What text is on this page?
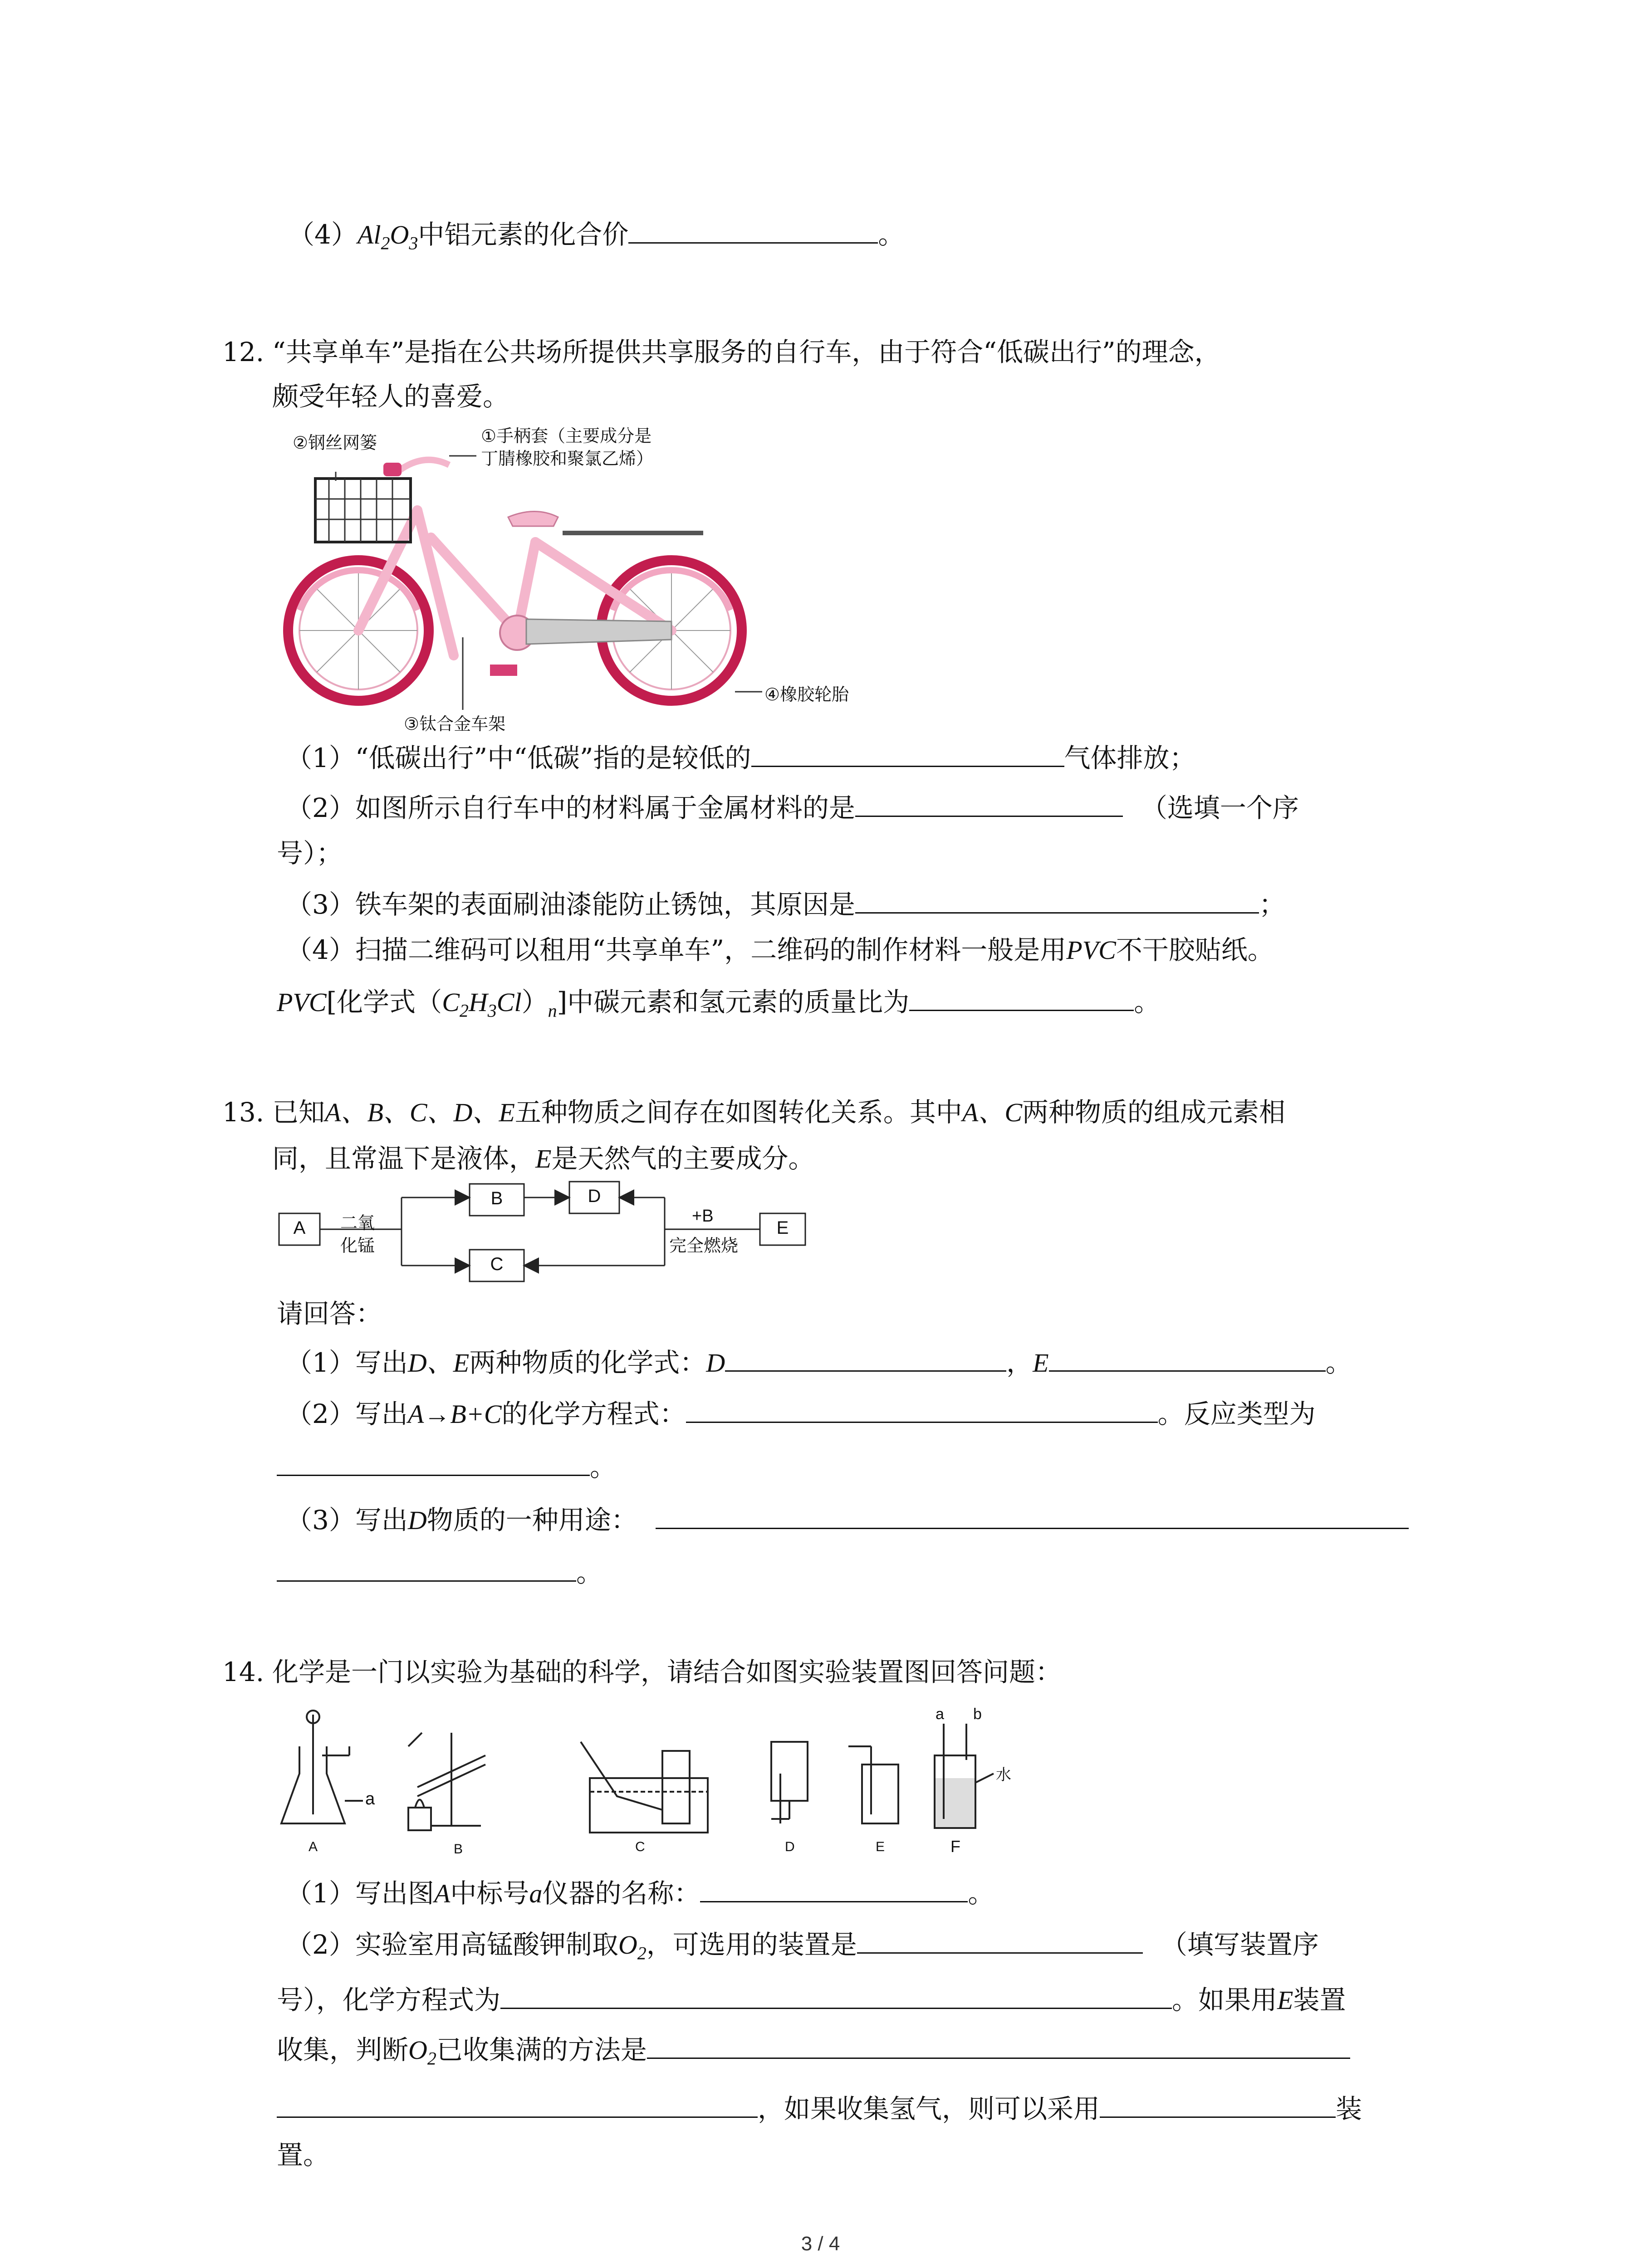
$(4)Al_2O_3$中铝元素的化合价	。
12. “共享单车”是指在公共场所提供共享服务的自行车，由于符合“低碳出行”的理念，
颇受年轻人的喜爱。
②钢丝网篓	①手柄套（主要成分是
丁腈橡胶和聚氯乙烯）
③钛合金车架
④橡胶轮胎
（1）“低碳出行”中“低碳”指的是较低的	气体排放；
（2）如图所示自行车中的材料属于金属材料的是	（选填一个序
号）；
（3）铁车架的表面刷油漆能防止锈蚀，其原因是	；
（4）扫描二维码可以租用“共享单车”，二维码的制作材料一般是用PVC不干胶贴纸。
PVC[化学式$(C_2H_3Cl)_n$]中碳元素和氢元素的质量比为	。
13. 已知A、B、C、D、E五种物质之间存在如图转化关系。其中A、C两种物质的组成元素相
同，且常温下是液体，E是天然气的主要成分。
A
B	D
C
E
二氧
化锰
+B
完全燃烧
请回答：
（1）写出D、E两种物质的化学式：D	，E	。
（2）写出A→B+C的化学方程式：	。反应类型为
。
（3）写出D物质的一种用途：
。
14. 化学是一门以实验为基础的科学，请结合如图实验装置图回答问题：
A
a
B	C	D	E	F
a b
水
（1）写出图A中标号a仪器的名称：	。
（2）实验室用高锰酸钾制取$O_2$，可选用的装置是	（填写装置序
号），化学方程式为	。如果用E装置
收集，判断$O_2$已收集满的方法是
，如果收集氢气，则可以采用	装
置。
3 / 4
